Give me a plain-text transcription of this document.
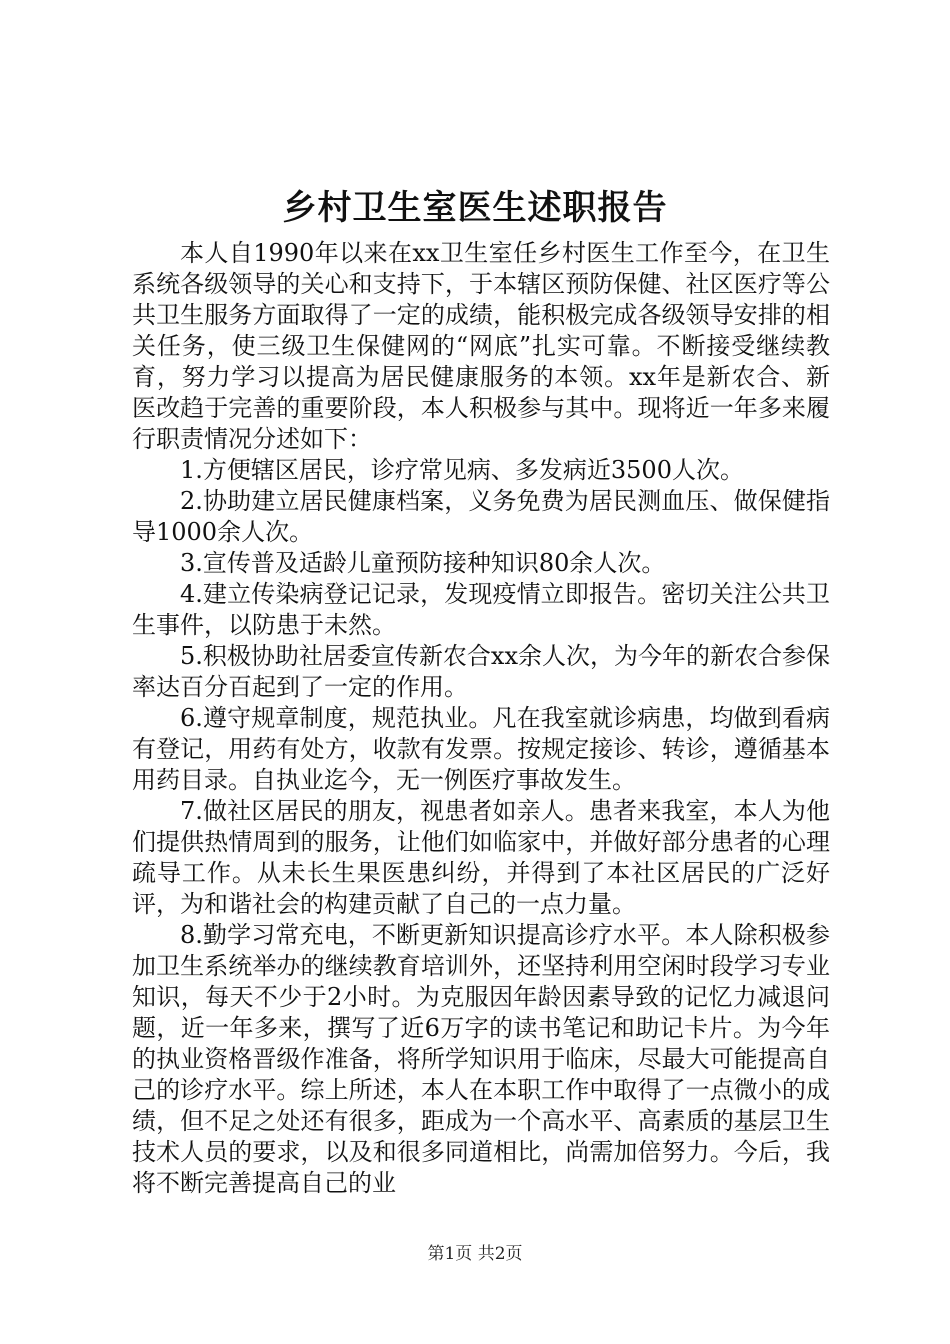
乡村卫生室医生述职报告

本人自1990年以来在xx卫生室任乡村医生工作至今，在卫生系统各级领导的关心和支持下，于本辖区预防保健、社区医疗等公共卫生服务方面取得了一定的成绩，能积极完成各级领导安排的相关任务，使三级卫生保健网的“网底”扎实可靠。不断接受继续教育，努力学习以提高为居民健康服务的本领。xx年是新农合、新医改趋于完善的重要阶段，本人积极参与其中。现将近一年多来履行职责情况分述如下：

1.方便辖区居民，诊疗常见病、多发病近3500人次。

2.协助建立居民健康档案，义务免费为居民测血压、做保健指导1000余人次。

3.宣传普及适龄儿童预防接种知识80余人次。

4.建立传染病登记记录，发现疫情立即报告。密切关注公共卫生事件，以防患于未然。

5.积极协助社居委宣传新农合xx余人次，为今年的新农合参保率达百分百起到了一定的作用。

6.遵守规章制度，规范执业。凡在我室就诊病患，均做到看病有登记，用药有处方，收款有发票。按规定接诊、转诊，遵循基本用药目录。自执业迄今，无一例医疗事故发生。

7.做社区居民的朋友，视患者如亲人。患者来我室，本人为他们提供热情周到的服务，让他们如临家中，并做好部分患者的心理疏导工作。从未长生果医患纠纷，并得到了本社区居民的广泛好评，为和谐社会的构建贡献了自己的一点力量。

8.勤学习常充电，不断更新知识提高诊疗水平。本人除积极参加卫生系统举办的继续教育培训外，还坚持利用空闲时段学习专业知识，每天不少于2小时。为克服因年龄因素导致的记忆力减退问题，近一年多来，撰写了近6万字的读书笔记和助记卡片。为今年的执业资格晋级作准备，将所学知识用于临床，尽最大可能提高自己的诊疗水平。综上所述，本人在本职工作中取得了一点微小的成绩，但不足之处还有很多，距成为一个高水平、高素质的基层卫生技术人员的要求，以及和很多同道相比，尚需加倍努力。今后，我将不断完善提高自己的业

第1页 共2页
